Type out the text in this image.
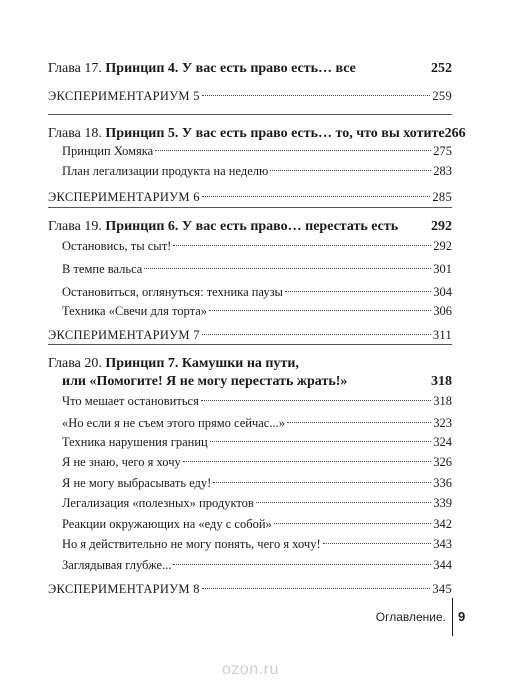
Глава 17. Принцип 4. У вас есть право есть… все	252
ЭКСПЕРИМЕНТАРИУМ 5	259
Глава 18. Принцип 5. У вас есть право есть… то, что вы хотите 266
Принцип Хомяка	275
План легализации продукта на неделю	283
ЭКСПЕРИМЕНТАРИУМ 6	285
Глава 19. Принцип 6. У вас есть право… перестать есть 292
Остановись, ты сыт!	292
В темпе вальса	301
Остановиться, оглянуться: техника паузы	304
Техника «Свечи для торта»	306
ЭКСПЕРИМЕНТАРИУМ 7	311
Глава 20. Принцип 7. Камушки на пути,
или «Помогите! Я не могу перестать жрать!»	318
Что мешает остановиться	318
«Но если я не съем этого прямо сейчас...»	323
Техника нарушения границ	324
Я не знаю, чего я хочу	326
Я не могу выбрасывать еду!	336
Легализация «полезных» продуктов	339
Реакции окружающих на «еду с собой»	342
Но я действительно не могу понять, чего я хочу!	343
Заглядывая глубже...	344
ЭКСПЕРИМЕНТАРИУМ 8	345
Оглавление. 9
ozon.ru
